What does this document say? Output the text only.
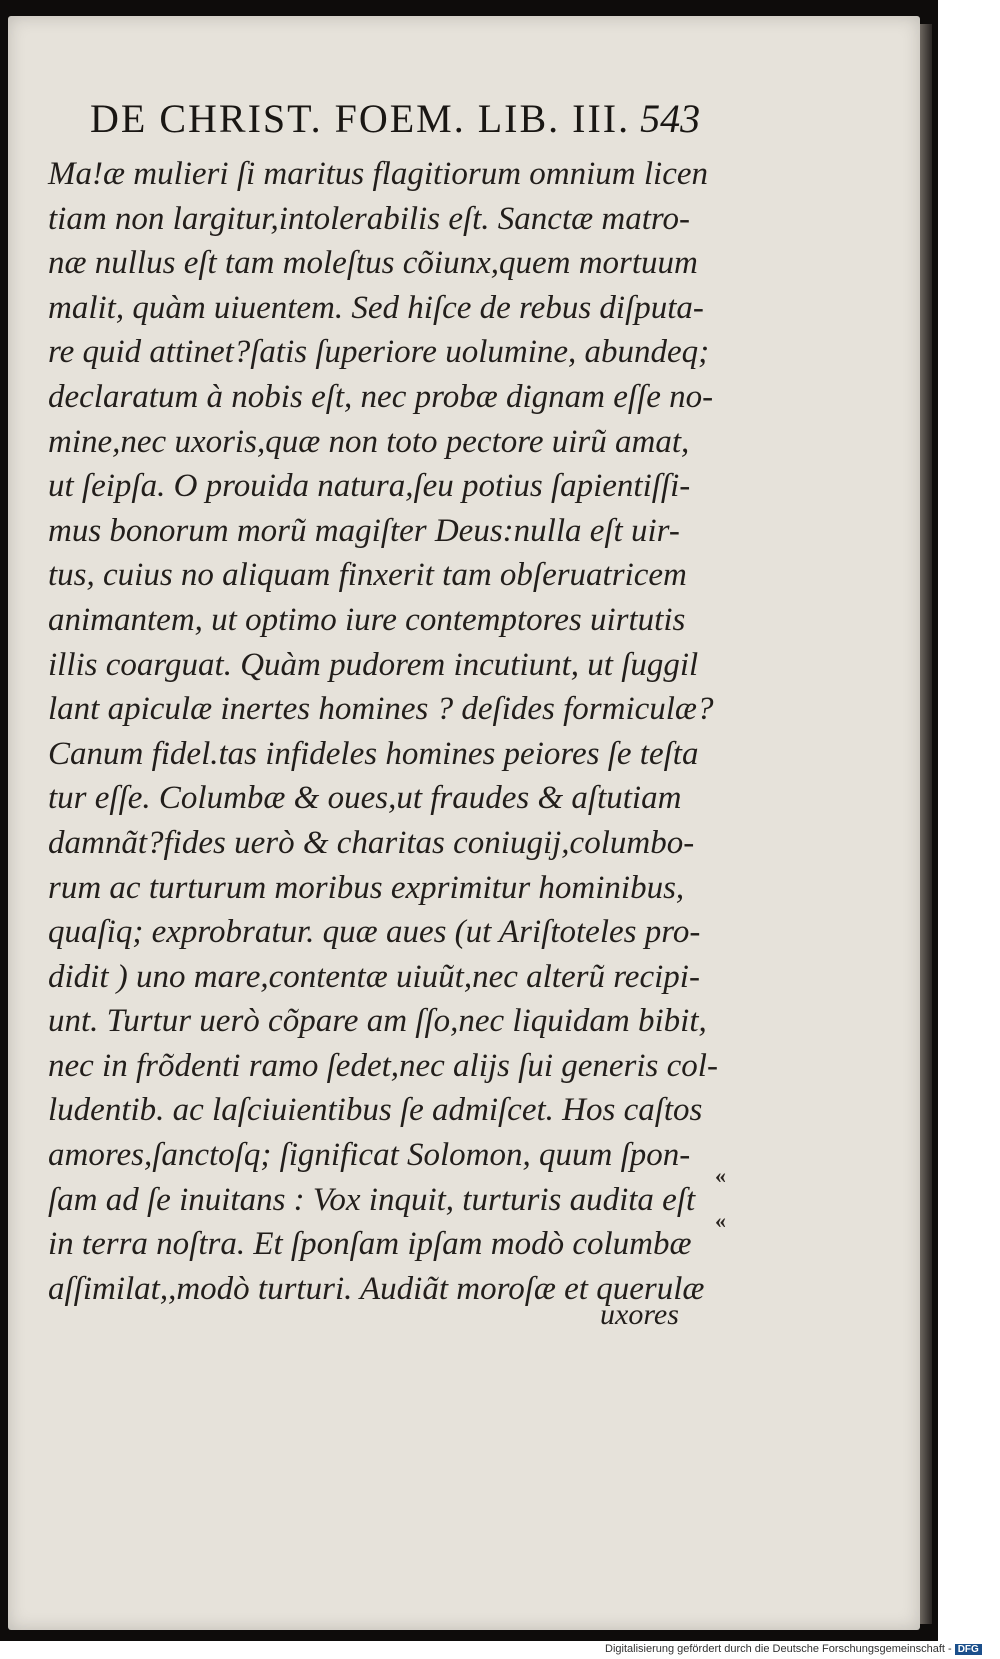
DE CHRIST. FOEM. LIB. III. 543
Ma!æ mulieri ſi maritus flagitiorum omnium licen
tiam non largitur,intolerabilis eſt. Sanctæ matro-
næ nullus eſt tam moleſtus cõiunx,quem mortuum
malit, quàm uiuentem. Sed hiſce de rebus diſputa-
re quid attinet?ſatis ſuperiore uolumine, abundeq;
declaratum à nobis eſt, nec probæ dignam eſſe no-
mine,nec uxoris,quæ non toto pectore uirũ amat,
ut ſeipſa. O prouida natura,ſeu potius ſapientiſſi-
mus bonorum morũ magiſter Deus:nulla eſt uir-
tus, cuius no aliquam finxerit tam obſeruatricem
animantem, ut optimo iure contemptores uirtutis
illis coarguat. Quàm pudorem incutiunt, ut ſuggil
lant apiculæ inertes homines ? deſides formiculæ?
Canum fidel.tas infideles homines peiores ſe teſta
tur eſſe. Columbæ & oues,ut fraudes & aſtutiam
damnãt?fides uerò & charitas coniugij,columbo-
rum ac turturum moribus exprimitur hominibus,
quaſiq; exprobratur. quæ aues (ut Ariſtoteles pro-
didit ) uno mare,contentæ uiuũt,nec alterũ recipi-
unt. Turtur uerò cõpare am ſſo,nec liquidam bibit,
nec in frõdenti ramo ſedet,nec alijs ſui generis col-
ludentib. ac laſciuientibus ſe admiſcet. Hos caſtos
amores,ſanctoſq; ſignificat Solomon, quum ſpon-
ſam ad ſe inuitans : Vox inquit, turturis audita eſt
in terra noſtra. Et ſponſam ipſam modò columbæ
aſſimilat,,modò turturi. Audiãt moroſæ et querulæ
«
«
uxores
Digitalisierung gefördert durch die Deutsche Forschungsgemeinschaft - DFG
